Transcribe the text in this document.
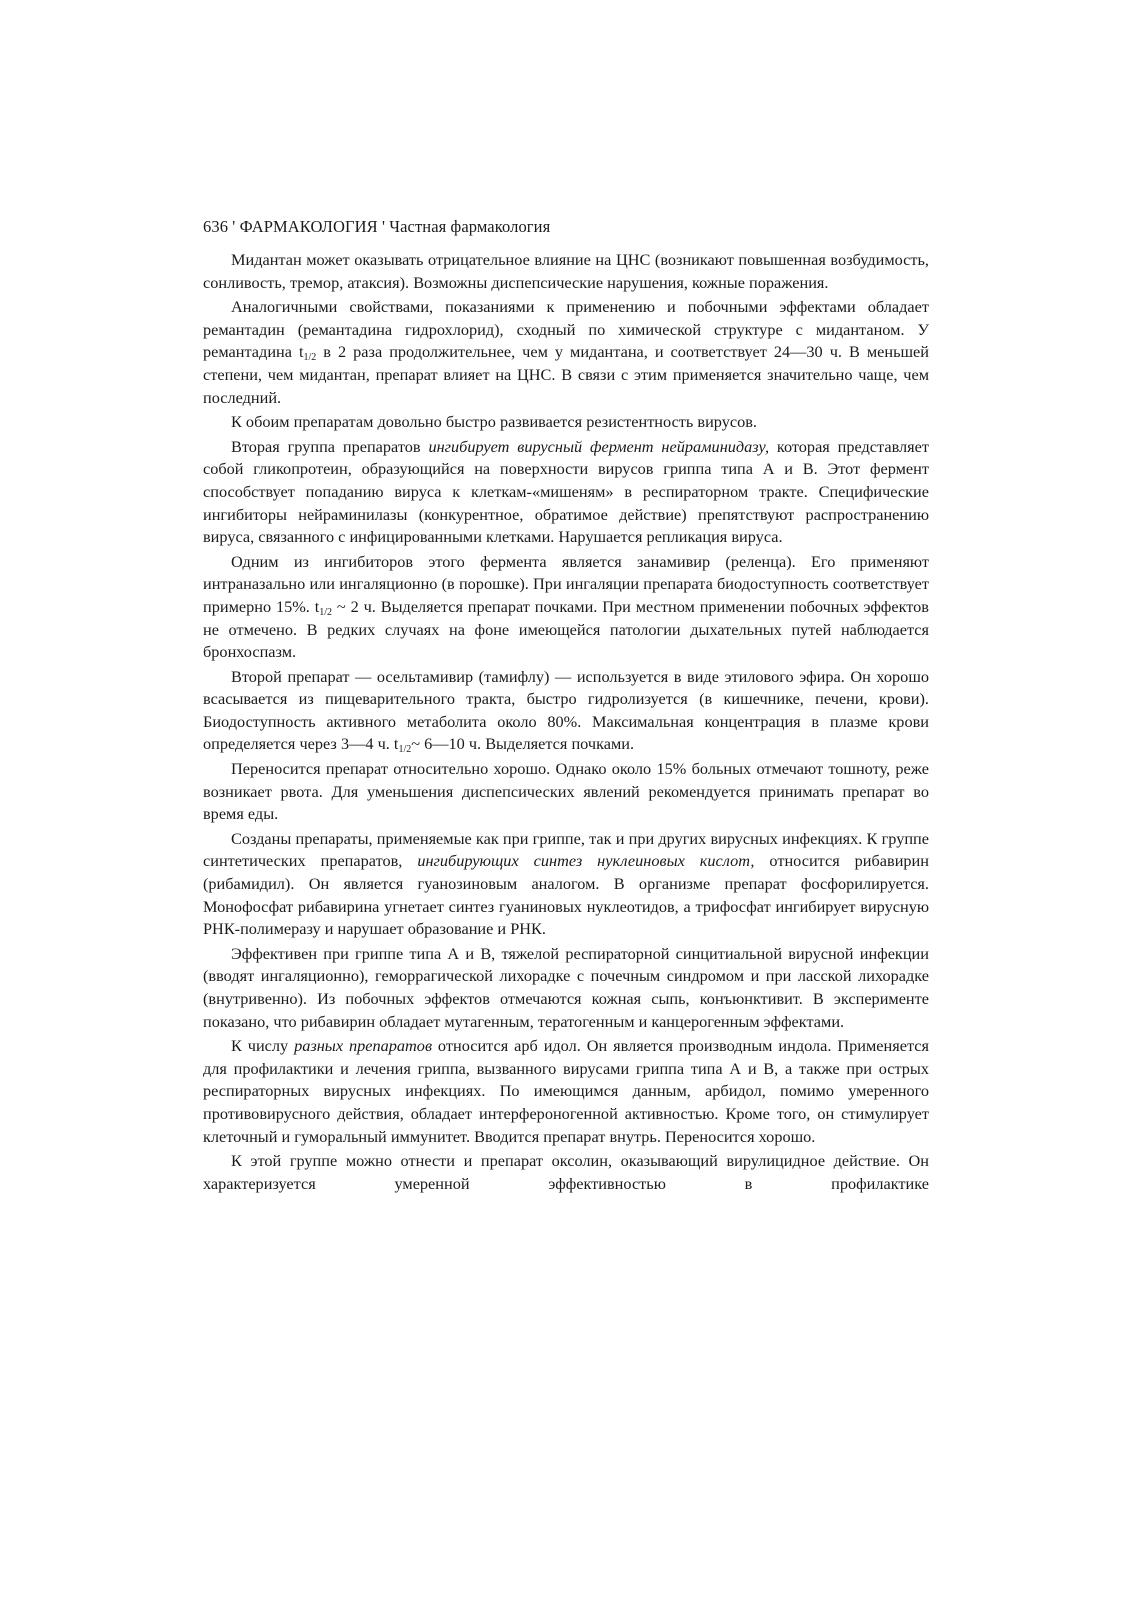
636 ' ФАРМАКОЛОГИЯ ' Частная фармакология

Мидантан может оказывать отрицательное влияние на ЦНС (возникают повышенная возбудимость, сонливость, тремор, атаксия). Возможны диспепсические нарушения, кожные поражения.

Аналогичными свойствами, показаниями к применению и побочными эффектами обладает ремантадин (ремантадина гидрохлорид), сходный по химической структуре с мидантаном. У ремантадина $t_{1/2}$ в 2 раза продолжительнее, чем у мидантана, и соответствует 24—30 ч. В меньшей степени, чем мидантан, препарат влияет на ЦНС. В связи с этим применяется значительно чаще, чем последний.

К обоим препаратам довольно быстро развивается резистентность вирусов.

Вторая группа препаратов ингибирует вирусный фермент нейраминидазу, которая представляет собой гликопротеин, образующийся на поверхности вирусов гриппа типа А и В. Этот фермент способствует попаданию вируса к клеткам-«мишеням» в респираторном тракте. Специфические ингибиторы нейраминилазы (конкурентное, обратимое действие) препятствуют распространению вируса, связанного с инфицированными клетками. Нарушается репликация вируса.

Одним из ингибиторов этого фермента является занамивир (реленца). Его применяют интраназально или ингаляционно (в порошке). При ингаляции препарата биодоступность соответствует примерно 15%. $t_{1/2}$ ~ 2 ч. Выделяется препарат почками. При местном применении побочных эффектов не отмечено. В редких случаях на фоне имеющейся патологии дыхательных путей наблюдается бронхоспазм.

Второй препарат — осельтамивир (тамифлу) — используется в виде этилового эфира. Он хорошо всасывается из пищеварительного тракта, быстро гидролизуется (в кишечнике, печени, крови). Биодоступность активного метаболита около 80%. Максимальная концентрация в плазме крови определяется через 3—4 ч. $t_{1/2}\sim$ 6—10 ч. Выделяется почками.

Переносится препарат относительно хорошо. Однако около 15% больных отмечают тошноту, реже возникает рвота. Для уменьшения диспепсических явлений рекомендуется принимать препарат во время еды.

Созданы препараты, применяемые как при гриппе, так и при других вирусных инфекциях. К группе синтетических препаратов, ингибирующих синтез нуклеиновых кислот, относится рибавирин (рибамидил). Он является гуанозиновым аналогом. В организме препарат фосфорилируется. Монофосфат рибавирина угнетает синтез гуаниновых нуклеотидов, а трифосфат ингибирует вирусную РНК-полимеразу и нарушает образование и РНК.

Эффективен при гриппе типа А и В, тяжелой респираторной синцитиальной вирусной инфекции (вводят ингаляционно), геморрагической лихорадке с почечным синдромом и при ласской лихорадке (внутривенно). Из побочных эффектов отмечаются кожная сыпь, конъюнктивит. В эксперименте показано, что рибавирин обладает мутагенным, тератогенным и канцерогенным эффектами.

К числу разных препаратов относится арб идол. Он является производным индола. Применяется для профилактики и лечения гриппа, вызванного вирусами гриппа типа А и В, а также при острых респираторных вирусных инфекциях. По имеющимся данным, арбидол, помимо умеренного противовирусного действия, обладает интерфероногенной активностью. Кроме того, он стимулирует клеточный и гуморальный иммунитет. Вводится препарат внутрь. Переносится хорошо.

К этой группе можно отнести и препарат оксолин, оказывающий вирулицидное действие. Он характеризуется умеренной эффективностью в профилактике
